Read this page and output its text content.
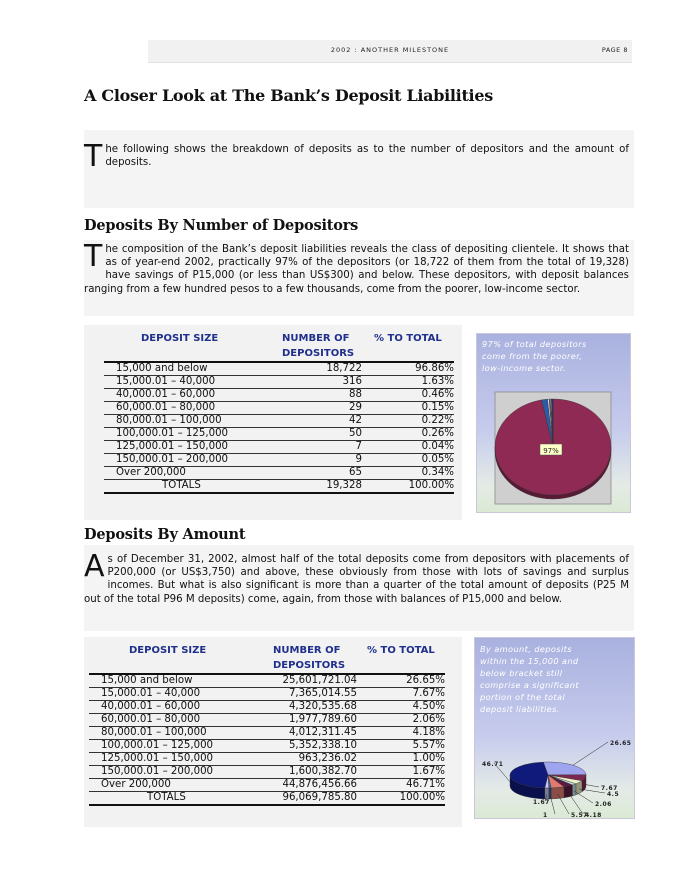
2002 : ANOTHER MILESTONE	PAGE 8
A Closer Look at The Bank’s Deposit Liabilities
The following shows the breakdown of deposits as to the number of depositors and the amount of deposits.
Deposits By Number of Depositors
The composition of the Bank’s deposit liabilities reveals the class of depositing clientele. It shows that as of year-end 2002, practically 97% of the depositors (or 18,722 of them from the total of 19,328) have savings of P15,000 (or less than US$300) and below. These depositors, with deposit balances ranging from a few hundred pesos to a few thousands, come from the poorer, low-income sector.
DEPOSIT SIZE	NUMBER OF DEPOSITORS	% TO TOTAL
15,000 and below	18,722	96.86%
15,000.01 – 40,000	316	1.63%
40,000.01 – 60,000	88	0.46%
60,000.01 – 80,000	29	0.15%
80,000.01 – 100,000	42	0.22%
100,000.01 – 125,000	50	0.26%
125,000.01 – 150,000	7	0.04%
150,000.01 – 200,000	9	0.05%
Over 200,000	65	0.34%
TOTALS	19,328	100.00%
97% of total depositors come from the poorer, low-income sector.
97%
Deposits By Amount
As of December 31, 2002, almost half of the total deposits come from depositors with placements of P200,000 (or US$3,750) and above, these obviously from those with lots of savings and surplus incomes. But what is also significant is more than a quarter of the total amount of deposits (P25 M out of the total P96 M deposits) come, again, from those with balances of P15,000 and below.
DEPOSIT SIZE	NUMBER OF DEPOSITORS	% TO TOTAL
15,000 and below	25,601,721.04	26.65%
15,000.01 – 40,000	7,365,014.55	7.67%
40,000.01 – 60,000	4,320,535.68	4.50%
60,000.01 – 80,000	1,977,789.60	2.06%
80,000.01 – 100,000	4,012,311.45	4.18%
100,000.01 – 125,000	5,352,338.10	5.57%
125,000.01 – 150,000	963,236.02	1.00%
150,000.01 – 200,000	1,600,382.70	1.67%
Over 200,000	44,876,456.66	46.71%
TOTALS	96,069,785.80	100.00%
By amount, deposits within the 15,000 and below bracket still comprise a significant portion of the total deposit liabilities.
26.65
7.67
4.5
2.06
4.18
5.57
1
1.67
46.71
